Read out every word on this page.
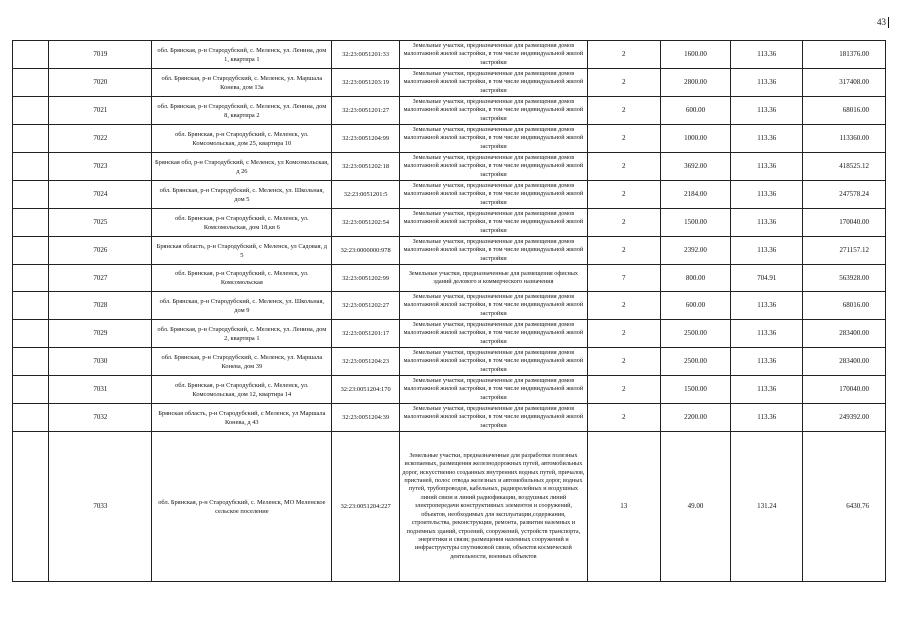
43
	7019	обл. Брянская, р-н Стародубский, с. Меленск, ул. Ленина, дом 1, квартира 1	32:23:0051201:33	Земельные участки, предназначенные для размещения домов малоэтажной жилой застройки, в том числе индивидуальной жилой застройки	2	1600.00	113.36	181376.00
	7020	обл. Брянская, р-н Стародубский, с. Меленск, ул. Маршала Конева, дом 13а	32:23:0051203:19	Земельные участки, предназначенные для размещения домов малоэтажной жилой застройки, в том числе индивидуальной жилой застройки	2	2800.00	113.36	317408.00
	7021	обл. Брянская, р-н Стародубский, с. Меленск, ул. Ленина, дом 8, квартира 2	32:23:0051201:27	Земельные участки, предназначенные для размещения домов малоэтажной жилой застройки, в том числе индивидуальной жилой застройки	2	600.00	113.36	68016.00
	7022	обл. Брянская, р-н Стародубский, с. Меленск, ул. Комсомольская, дом 25, квартира 10	32:23:0051204:99	Земельные участки, предназначенные для размещения домов малоэтажной жилой застройки, в том числе индивидуальной жилой застройки	2	1000.00	113.36	113360.00
	7023	Брянская обл, р-н Стародубский, с Меленск, ул Комсомольская, д 26	32:23:0051202:18	Земельные участки, предназначенные для размещения домов малоэтажной жилой застройки, в том числе индивидуальной жилой застройки	2	3692.00	113.36	418525.12
	7024	обл. Брянская, р-н Стародубский, с. Меленск, ул. Школьная, дом 5	32:23:0051201:5	Земельные участки, предназначенные для размещения домов малоэтажной жилой застройки, в том числе индивидуальной жилой застройки	2	2184.00	113.36	247578.24
	7025	обл. Брянская, р-н Стародубский, с. Меленск, ул. Комсомольская, дом 18,кв 6	32:23:0051202:54	Земельные участки, предназначенные для размещения домов малоэтажной жилой застройки, в том числе индивидуальной жилой застройки	2	1500.00	113.36	170040.00
	7026	Брянская область, р-н Стародубский, с Меленск, ул Садовая, д 5	32:23:0000000:978	Земельные участки, предназначенные для размещения домов малоэтажной жилой застройки, в том числе индивидуальной жилой застройки	2	2392.00	113.36	271157.12
	7027	обл. Брянская, р-н Стародубский, с. Меленск, ул. Комсомольская	32:23:0051202:99	Земельные участки, предназначенные для размещения офисных зданий делового и коммерческого назначения	7	800.00	704.91	563928.00
	7028	обл. Брянская, р-н Стародубский, с. Меленск, ул. Школьная, дом 9	32:23:0051202:27	Земельные участки, предназначенные для размещения домов малоэтажной жилой застройки, в том числе индивидуальной жилой застройки	2	600.00	113.36	68016.00
	7029	обл. Брянская, р-н Стародубский, с. Меленск, ул. Ленина, дом 2, квартира 1	32:23:0051201:17	Земельные участки, предназначенные для размещения домов малоэтажной жилой застройки, в том числе индивидуальной жилой застройки	2	2500.00	113.36	283400.00
	7030	обл. Брянская, р-н Стародубский, с. Меленск, ул. Маршала Конева, дом 39	32:23:0051204:23	Земельные участки, предназначенные для размещения домов малоэтажной жилой застройки, в том числе индивидуальной жилой застройки	2	2500.00	113.36	283400.00
	7031	обл. Брянская, р-н Стародубский, с. Меленск, ул. Комсомольская, дом 12, квартира 14	32:23:0051204:170	Земельные участки, предназначенные для размещения домов малоэтажной жилой застройки, в том числе индивидуальной жилой застройки	2	1500.00	113.36	170040.00
	7032	Брянская область, р-н Стародубский, с Меленск, ул Маршала Конева, д 43	32:23:0051204:39	Земельные участки, предназначенные для размещения домов малоэтажной жилой застройки, в том числе индивидуальной жилой застройки	2	2200.00	113.36	249392.00
	7033	обл. Брянская, р-н Стародубский, с. Меленск, МО Меленское сельское поселение	32:23:0051204:227	Земельные участки, предназначенные для разработки полезных ископаемых, размещения железнодорожных путей, автомобильных дорог, искусственно созданных внутренних водных путей, причалов, пристаней, полос отвода железных и автомобильных дорог, водных путей, трубопроводов, кабельных, радиорелейных и воздушных линий связи и линий радиофикации, воздушных линий электропередачи конструктивных элементов и сооружений, объектов, необходимых для эксплуатации,содержания, строительства, реконструкции, ремонта, развития наземных и подземных зданий, строений, сооружений, устройств транспорта, энергетики и связи; размещения наземных сооружений и инфраструктуры спутниковой связи, объектов космической деятельности, военных объектов	13	49.00	131.24	6430.76
